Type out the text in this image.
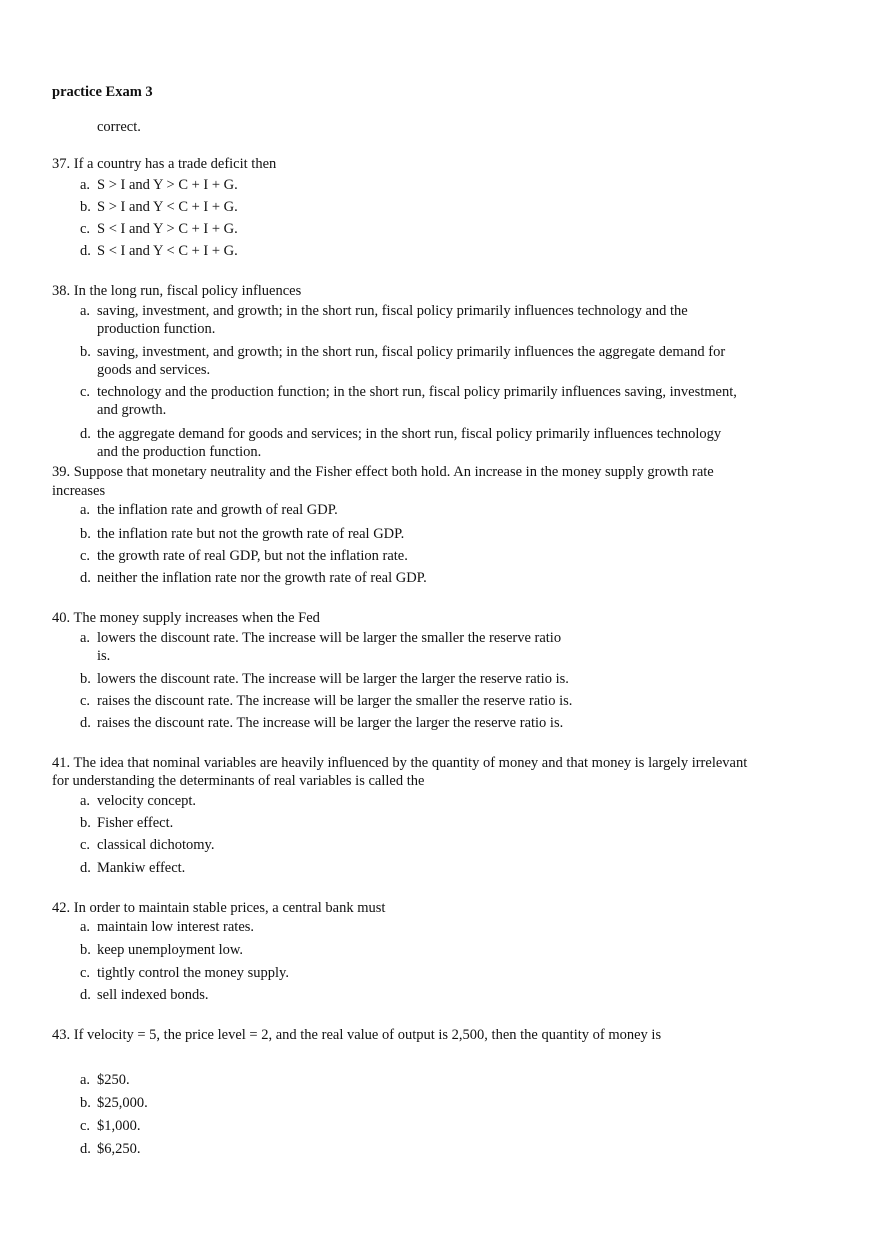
practice Exam 3
correct.
37. If a country has a trade deficit then
a. S > I and Y > C + I + G.
b. S > I and Y < C + I + G.
c. S < I and Y > C + I + G.
d. S < I and Y < C + I + G.
38. In the long run, fiscal policy influences
a. saving, investment, and growth; in the short run, fiscal policy primarily influences technology and the
production function.
b. saving, investment, and growth; in the short run, fiscal policy primarily influences the aggregate demand for
goods and services.
c. technology and the production function; in the short run, fiscal policy primarily influences saving, investment,
and growth.
d. the aggregate demand for goods and services; in the short run, fiscal policy primarily influences technology
and the production function.
39. Suppose that monetary neutrality and the Fisher effect both hold. An increase in the money supply growth rate
increases
a. the inflation rate and growth of real GDP.
b. the inflation rate but not the growth rate of real GDP.
c. the growth rate of real GDP, but not the inflation rate.
d. neither the inflation rate nor the growth rate of real GDP.
40. The money supply increases when the Fed
a. lowers the discount rate. The increase will be larger the smaller the reserve ratio
is.
b. lowers the discount rate. The increase will be larger the larger the reserve ratio is.
c. raises the discount rate. The increase will be larger the smaller the reserve ratio is.
d. raises the discount rate. The increase will be larger the larger the reserve ratio is.
41. The idea that nominal variables are heavily influenced by the quantity of money and that money is largely irrelevant
for understanding the determinants of real variables is called the
a. velocity concept.
b. Fisher effect.
c. classical dichotomy.
d. Mankiw effect.
42. In order to maintain stable prices, a central bank must
a. maintain low interest rates.
b. keep unemployment low.
c. tightly control the money supply.
d. sell indexed bonds.
43. If velocity = 5, the price level = 2, and the real value of output is 2,500, then the quantity of money is
a. $250.
b. $25,000.
c. $1,000.
d. $6,250.
